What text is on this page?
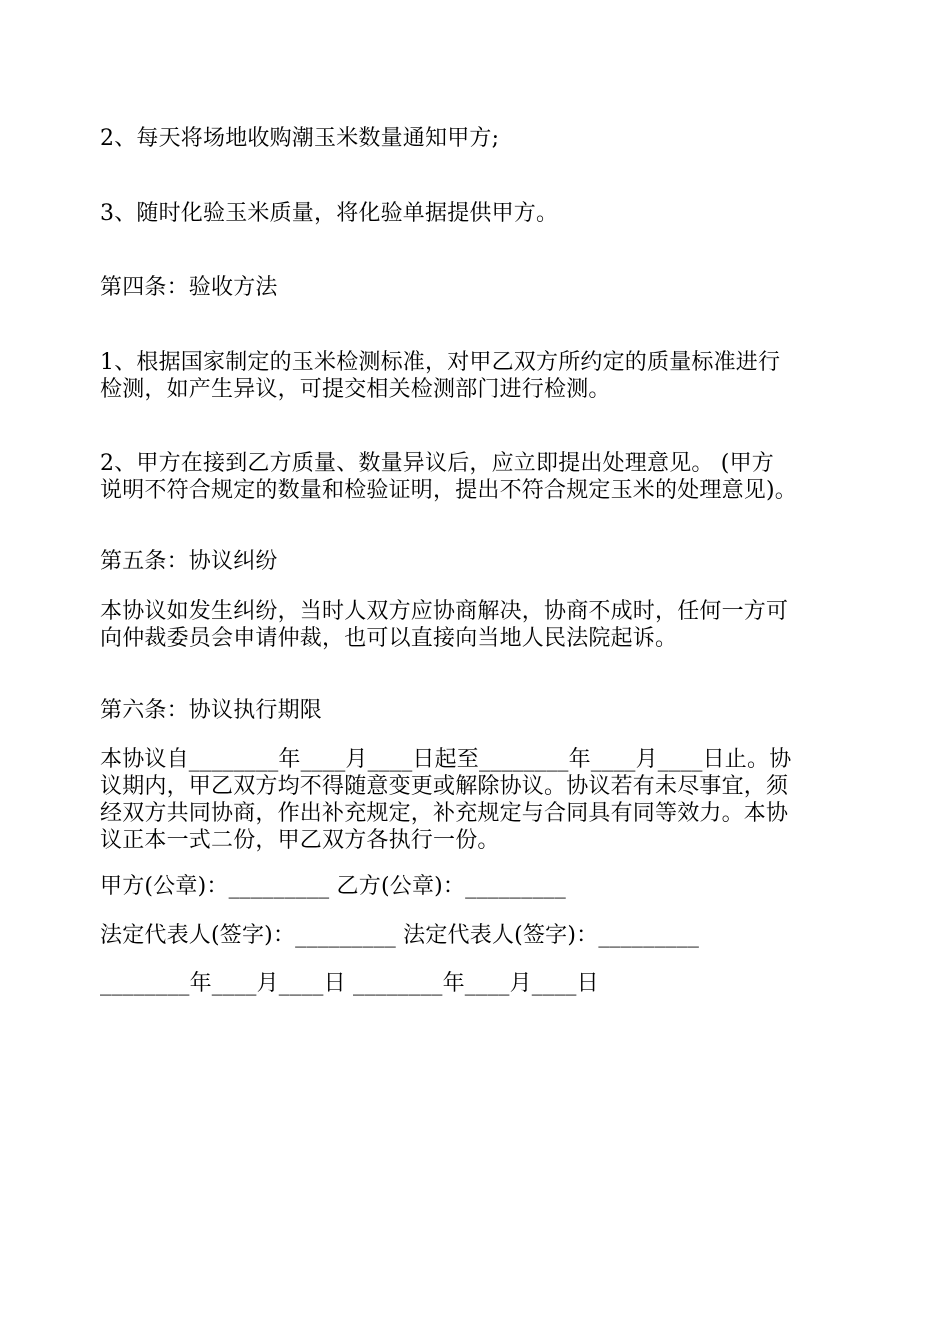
2、每天将场地收购潮玉米数量通知甲方;
3、随时化验玉米质量，将化验单据提供甲方。
第四条：验收方法
1、根据国家制定的玉米检测标准，对甲乙双方所约定的质量标准进行
检测，如产生异议，可提交相关检测部门进行检测。
2、甲方在接到乙方质量、数量异议后，应立即提出处理意见。 (甲方
说明不符合规定的数量和检验证明，提出不符合规定玉米的处理意见)。
第五条：协议纠纷
本协议如发生纠纷，当时人双方应协商解决，协商不成时，任何一方可
向仲裁委员会申请仲裁，也可以直接向当地人民法院起诉。
第六条：协议执行期限
本协议自________年____月____日起至________年____月____日止。协
议期内，甲乙双方均不得随意变更或解除协议。协议若有未尽事宜，须
经双方共同协商，作出补充规定，补充规定与合同具有同等效力。本协
议正本一式二份，甲乙双方各执行一份。
甲方(公章)：_________ 乙方(公章)：_________
法定代表人(签字)：_________ 法定代表人(签字)：_________
________年____月____日 ________年____月____日
